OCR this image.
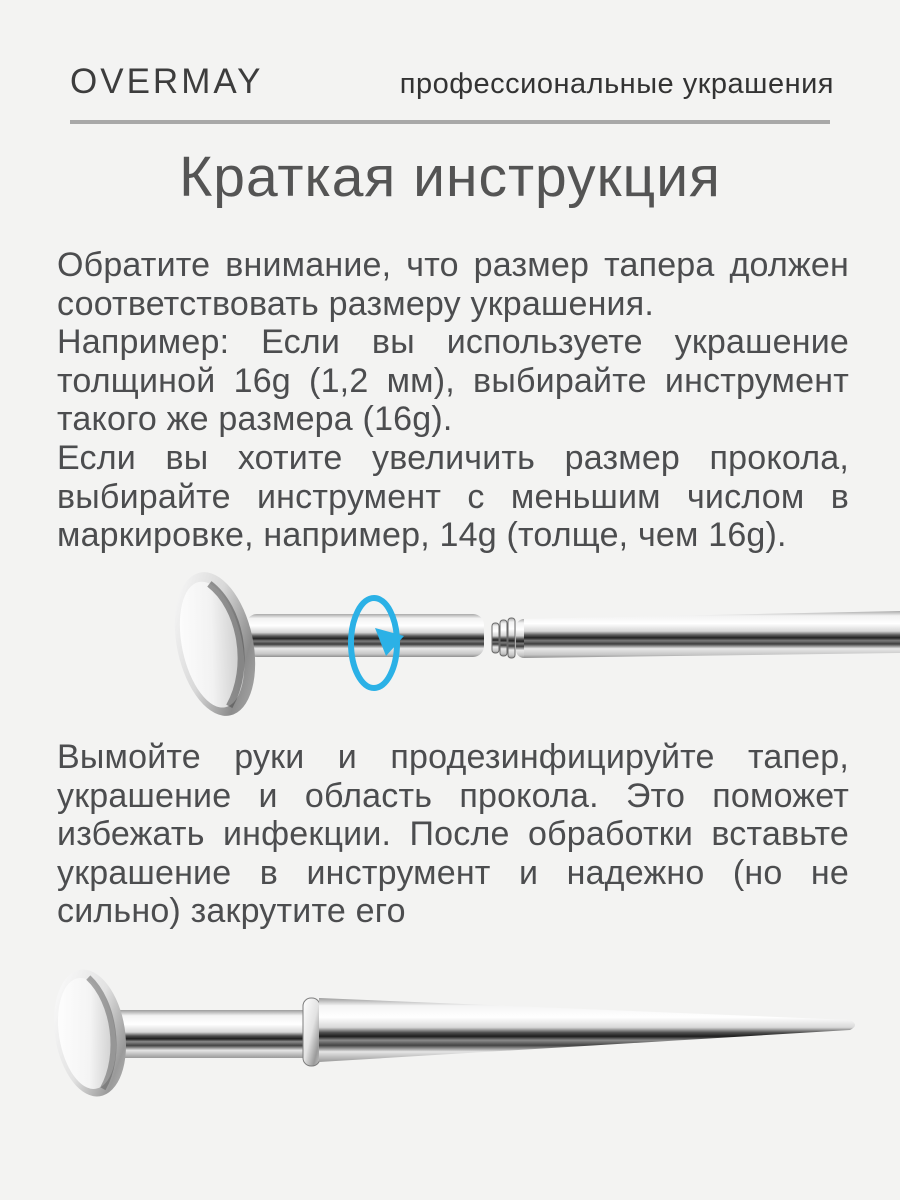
OVERMAY	профессиональные украшения
Краткая инструкция
Обратите внимание, что размер тапера должен
соответствовать размеру украшения.
Например: Если вы используете украшение
толщиной 16g (1,2 мм), выбирайте инструмент
такого же размера (16g).
Если вы хотите увеличить размер прокола,
выбирайте инструмент с меньшим числом в
маркировке, например, 14g (толще, чем 16g).
Вымойте руки и продезинфицируйте тапер,
украшение и область прокола. Это поможет
избежать инфекции. После обработки вставьте
украшение в инструмент и надежно (но не
сильно) закрутите его
